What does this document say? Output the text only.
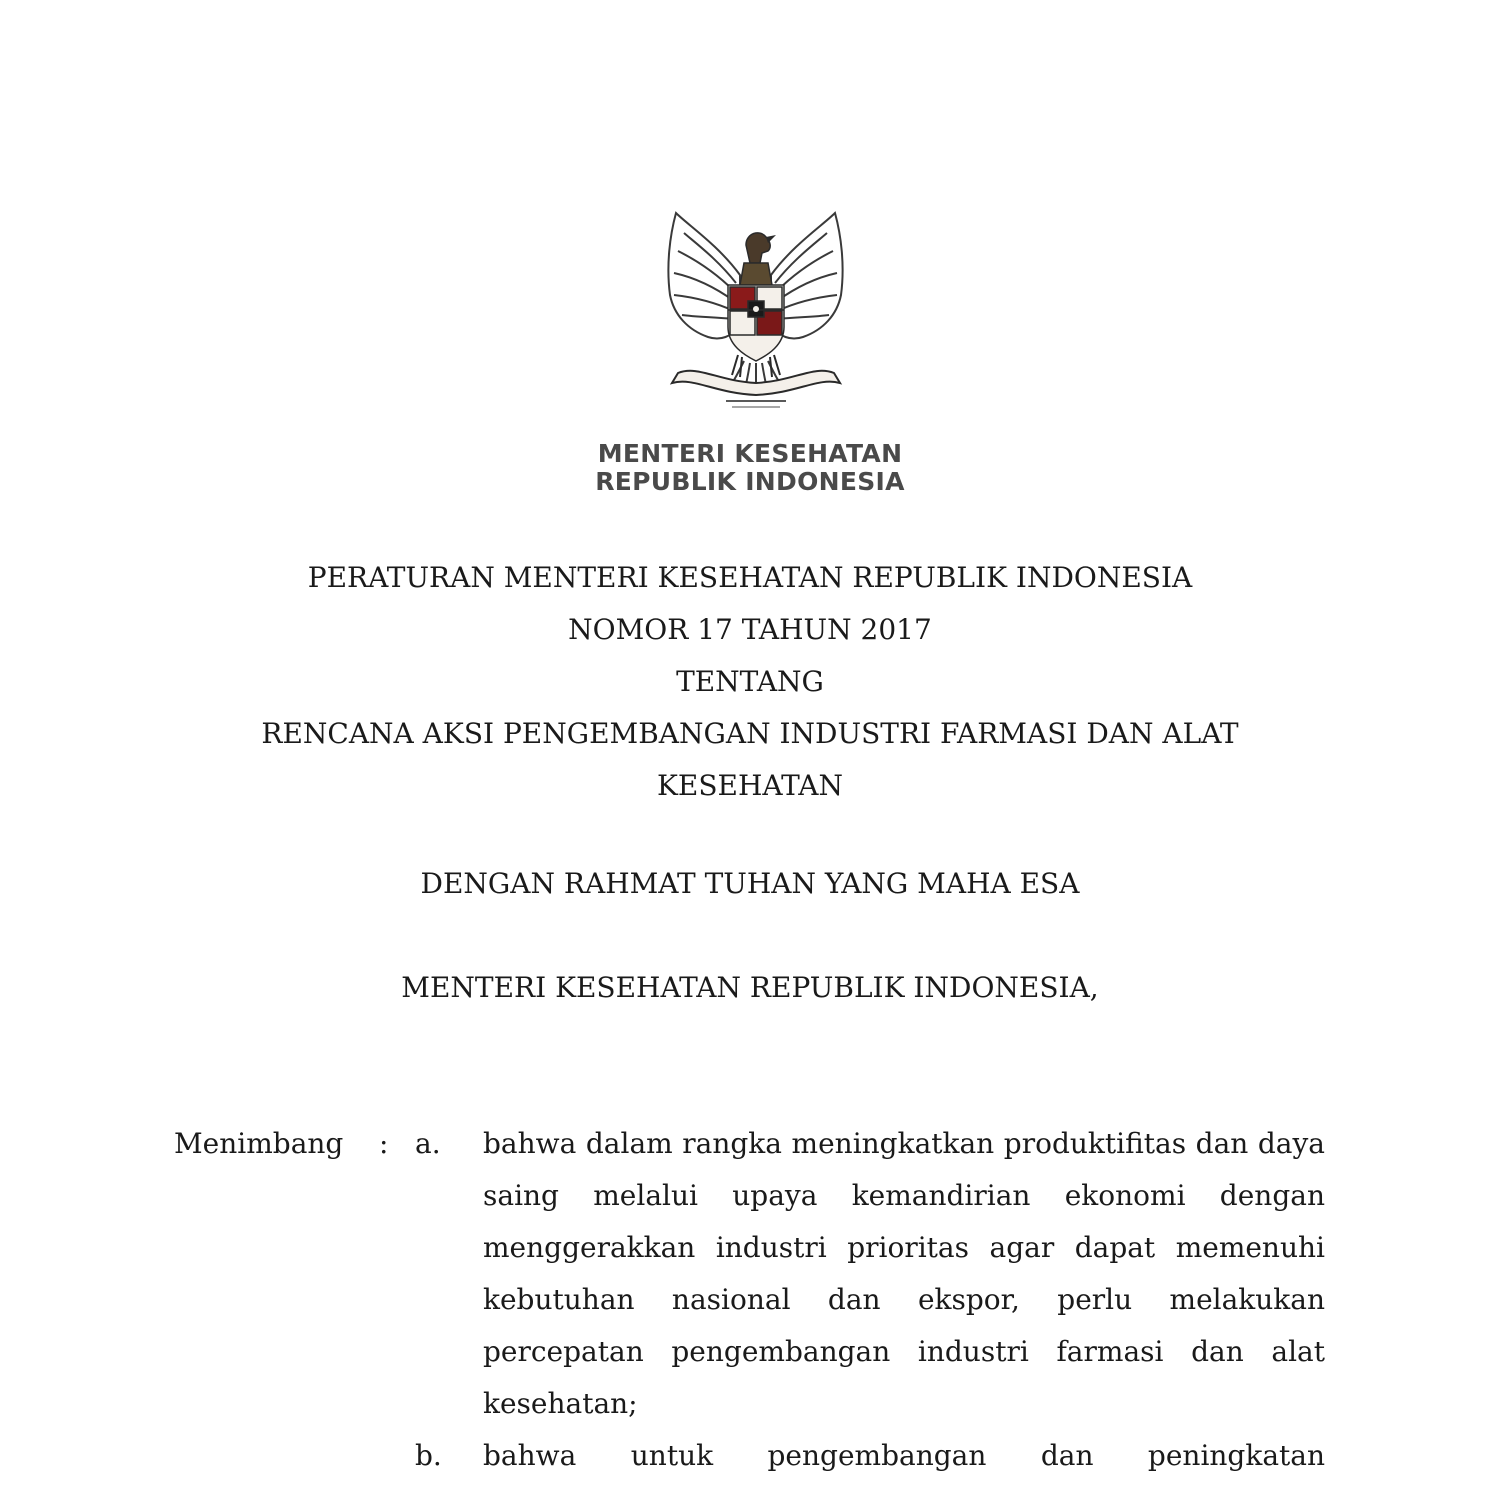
MENTERI KESEHATAN
REPUBLIK INDONESIA
PERATURAN MENTERI KESEHATAN REPUBLIK INDONESIA
NOMOR 17 TAHUN 2017
TENTANG
RENCANA AKSI PENGEMBANGAN INDUSTRI FARMASI DAN ALAT
KESEHATAN
DENGAN RAHMAT TUHAN YANG MAHA ESA
MENTERI KESEHATAN REPUBLIK INDONESIA,
Menimbang	: a.	bahwa dalam rangka meningkatkan produktifitas dan daya saing melalui upaya kemandirian ekonomi dengan menggerakkan industri prioritas agar dapat memenuhi kebutuhan nasional dan ekspor, perlu melakukan percepatan pengembangan industri farmasi dan alat kesehatan;
b.	bahwa untuk pengembangan dan peningkatan
